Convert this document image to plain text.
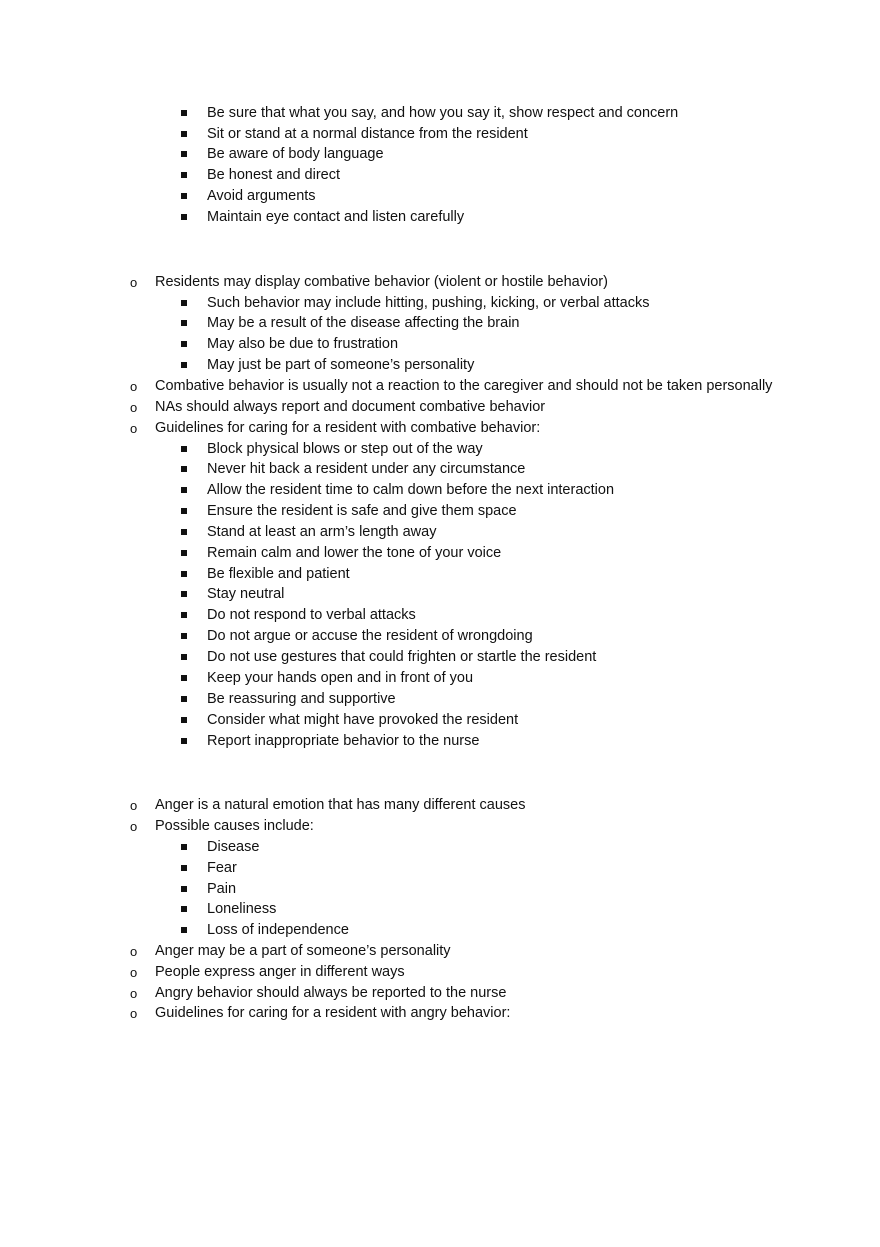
Be sure that what you say, and how you say it, show respect and concern
Sit or stand at a normal distance from the resident
Be aware of body language
Be honest and direct
Avoid arguments
Maintain eye contact and listen carefully
o Residents may display combative behavior (violent or hostile behavior)
Such behavior may include hitting, pushing, kicking, or verbal attacks
May be a result of the disease affecting the brain
May also be due to frustration
May just be part of someone’s personality
o Combative behavior is usually not a reaction to the caregiver and should not be taken personally
o NAs should always report and document combative behavior
o Guidelines for caring for a resident with combative behavior:
Block physical blows or step out of the way
Never hit back a resident under any circumstance
Allow the resident time to calm down before the next interaction
Ensure the resident is safe and give them space
Stand at least an arm’s length away
Remain calm and lower the tone of your voice
Be flexible and patient
Stay neutral
Do not respond to verbal attacks
Do not argue or accuse the resident of wrongdoing
Do not use gestures that could frighten or startle the resident
Keep your hands open and in front of you
Be reassuring and supportive
Consider what might have provoked the resident
Report inappropriate behavior to the nurse
o Anger is a natural emotion that has many different causes
o Possible causes include:
Disease
Fear
Pain
Loneliness
Loss of independence
o Anger may be a part of someone’s personality
o People express anger in different ways
o Angry behavior should always be reported to the nurse
o Guidelines for caring for a resident with angry behavior:
